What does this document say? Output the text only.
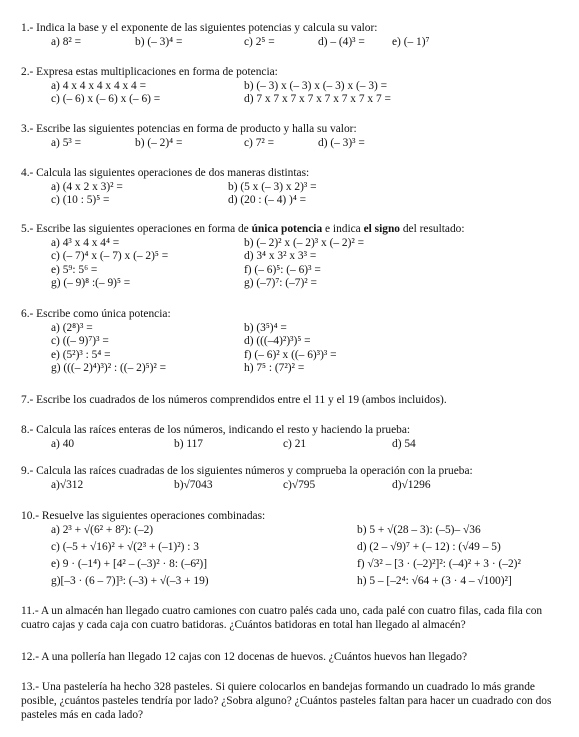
1.- Indica la base y el exponente de las siguientes potencias y calcula su valor:
a) 8² =	b) (– 3)⁴ =	c) 2⁵ =	d) – (4)³ = e) (– 1)⁷
2.- Expresa estas multiplicaciones en forma de potencia:
a) 4 x 4 x 4 x 4 x 4 =	b) (– 3) x (– 3) x (– 3) x (– 3) =
c) (– 6) x (– 6) x (– 6) =	d) 7 x 7 x 7 x 7 x 7 x 7 x 7 x 7 =
3.- Escribe las siguientes potencias en forma de producto y halla su valor:
a) 5³ =	b) (– 2)⁴ =	c) 7² =	d) (– 3)³ =
4.- Calcula las siguientes operaciones de dos maneras distintas:
a) (4 x 2 x 3)² =	b) (5 x (– 3) x 2)³ =
c) (10 : 5)⁵ =	d) (20 : (– 4) )⁴ =
5.- Escribe las siguientes operaciones en forma de única potencia e indica el signo del resultado:
a) 4³ x 4 x 4⁴ =	b) (– 2)² x (– 2)³ x (– 2)² =
c) (– 7)⁴ x (– 7) x (– 2)⁵ =	d) 3⁴ x 3² x 3³ =
e) 5⁹: 5⁶ =	f) (– 6)⁵: (– 6)³ =
g) (– 9)⁸ :(– 9)⁵ =	g) (–7)⁷: (–7)² =
6.- Escribe como única potencia:
a) (2⁸)³ =	b) (3⁵)⁴ =
c) ((– 9)⁷)³ =	d) (((–4)²)³)⁵ =
e) (5²)³ : 5⁴ =	f) (– 6)² x ((– 6)³)³ =
g) (((– 2)⁴)³)² : ((– 2)⁵)² =	h) 7⁵ : (7²)² =
7.- Escribe los cuadrados de los números comprendidos entre el 11 y el 19 (ambos incluidos).
8.- Calcula las raíces enteras de los números, indicando el resto y haciendo la prueba:
a) 40	b) 117	c) 21	d) 54
9.- Calcula las raíces cuadradas de los siguientes números y comprueba la operación con la prueba:
a)√312	b)√7043	c)√795	d)√1296
10.- Resuelve las siguientes operaciones combinadas:
a) 2³ + √(6² + 8²): (–2)	b) 5 + √(28 – 3): (–5)– √36
c) (–5 + √16)² + √(2³ + (–1)²) : 3	d) (2 – √9)⁷ + (– 12) : (√49 – 5)
e) 9 · (–1⁴) + [4² – (–3)² · 8: (–6²)]	f) √3² – [3 · (–2)²]²: (–4)² + 3 · (–2)²
g)[–3 · (6 – 7)]³: (–3) + √(–3 + 19)	h) 5 – [–2⁴: √64 + (3 · 4 – √100)²]
11.- A un almacén han llegado cuatro camiones con cuatro palés cada uno, cada palé con cuatro filas, cada fila con cuatro cajas y cada caja con cuatro batidoras. ¿Cuántos batidoras en total han llegado al almacén?
12.- A una pollería han llegado 12 cajas con 12 docenas de huevos. ¿Cuántos huevos han llegado?
13.- Una pastelería ha hecho 328 pasteles. Si quiere colocarlos en bandejas formando un cuadrado lo más grande posible, ¿cuántos pasteles tendría por lado? ¿Sobra alguno? ¿Cuántos pasteles faltan para hacer un cuadrado con dos pasteles más en cada lado?
